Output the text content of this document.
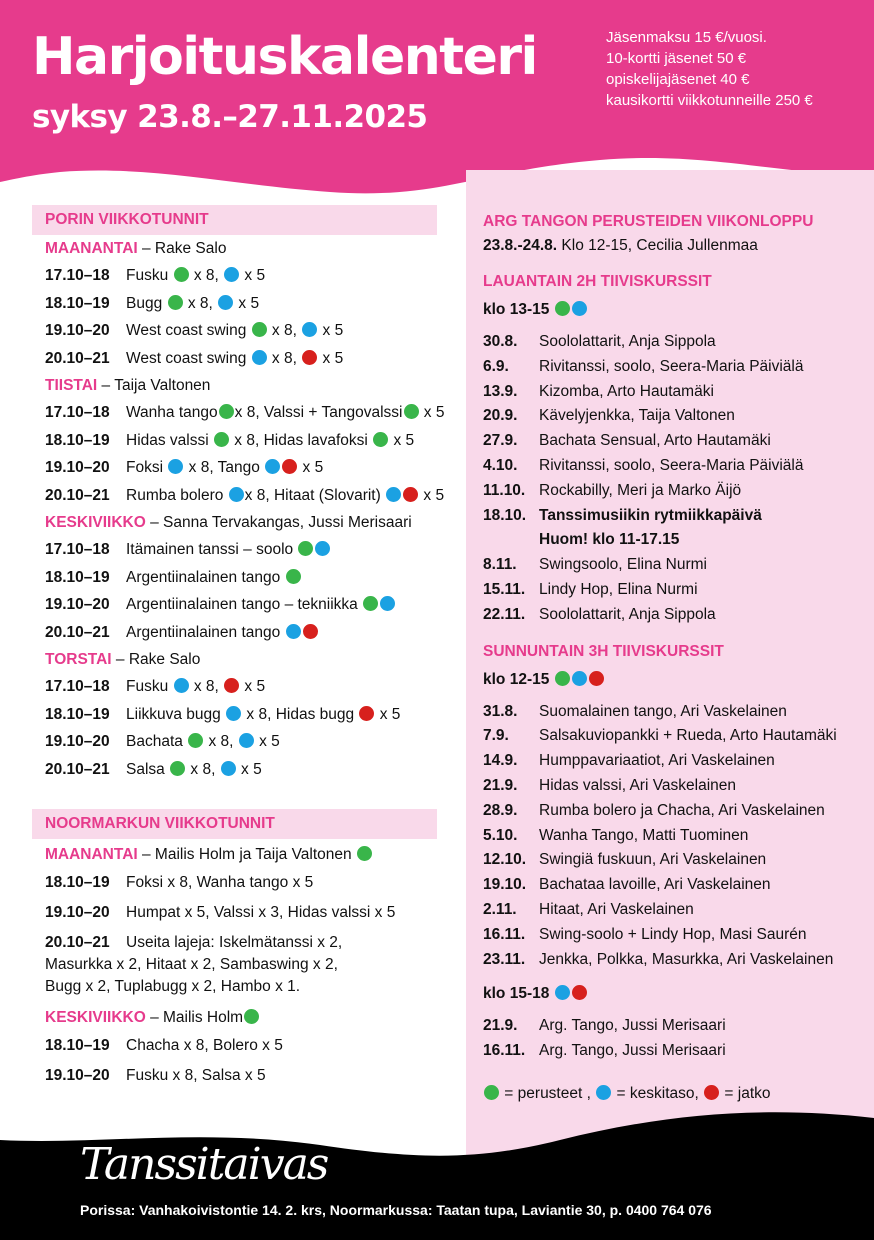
Harjoituskalenteri
syksy 23.8.–27.11.2025
Jäsenmaksu 15 €/vuosi.
10-kortti jäsenet 50 €
opiskelijajäsenet 40 €
kausikortti viikkotunneille 250 €
PORIN VIIKKOTUNNIT
MAANANTAI – Rake Salo
17.10–18	Fusku  x 8,  x 5
18.10–19	Bugg  x 8,  x 5
19.10–20	West coast swing  x 8,  x 5
20.10–21	West coast swing  x 8,  x 5
TIISTAI – Taija Valtonen
17.10–18	Wanha tango x 8, Valssi + Tangovalssi x 5
18.10–19	Hidas valssi  x 8, Hidas lavafoksi  x 5
19.10–20	Foksi  x 8, Tango  x 5
20.10–21	Rumba bolero x 8, Hitaat (Slovarit)  x 5
KESKIVIIKKO – Sanna Tervakangas, Jussi Merisaari
17.10–18	Itämainen tanssi – soolo
18.10–19	Argentiinalainen tango
19.10–20	Argentiinalainen tango – tekniikka
20.10–21	Argentiinalainen tango
TORSTAI – Rake Salo
17.10–18	Fusku  x 8,  x 5
18.10–19	Liikkuva bugg  x 8, Hidas bugg  x 5
19.10–20	Bachata  x 8,  x 5
20.10–21	Salsa  x 8,  x 5
NOORMARKUN VIIKKOTUNNIT
MAANANTAI – Mailis Holm ja Taija Valtonen
18.10–19 Foksi x 8, Wanha tango x 5
19.10–20 Humpat x 5, Valssi x 3, Hidas valssi x 5
20.10–21 Useita lajeja: Iskelmätanssi x 2,
Masurkka x 2, Hitaat x 2, Sambaswing x 2,
Bugg x 2, Tuplabugg x 2, Hambo x 1.
KESKIVIIKKO – Mailis Holm
18.10–19 Chacha x 8, Bolero x 5
19.10–20 Fusku x 8, Salsa x 5
ARG TANGON PERUSTEIDEN VIIKONLOPPU
23.8.-24.8. Klo 12-15, Cecilia Jullenmaa
LAUANTAIN 2H TIIVISKURSSIT
klo 13-15
30.8.	Soololattarit, Anja Sippola
6.9.	Rivitanssi, soolo, Seera-Maria Päiviälä
13.9.	Kizomba, Arto Hautamäki
20.9.	Kävelyjenkka, Taija Valtonen
27.9.	Bachata Sensual, Arto Hautamäki
4.10.	Rivitanssi, soolo, Seera-Maria Päiviälä
11.10. Rockabilly, Meri ja Marko Äijö
18.10. Tanssimusiikin rytmiikkapäivä
Huom! klo 11-17.15
8.11.	Swingsoolo, Elina Nurmi
15.11. Lindy Hop, Elina Nurmi
22.11. Soololattarit, Anja Sippola
SUNNUNTAIN 3H TIIVISKURSSIT
klo 12-15
31.8.	Suomalainen tango, Ari Vaskelainen
7.9.	Salsakuviopankki + Rueda, Arto Hautamäki
14.9.	Humppavariaatiot, Ari Vaskelainen
21.9.	Hidas valssi, Ari Vaskelainen
28.9.	Rumba bolero ja Chacha, Ari Vaskelainen
5.10.	Wanha Tango, Matti Tuominen
12.10. Swingiä fuskuun, Ari Vaskelainen
19.10. Bachataa lavoille, Ari Vaskelainen
2.11.	Hitaat, Ari Vaskelainen
16.11. Swing-soolo + Lindy Hop, Masi Saurén
23.11. Jenkka, Polkka, Masurkka, Ari Vaskelainen
klo 15-18
21.9.	Arg. Tango, Jussi Merisaari
16.11. Arg. Tango, Jussi Merisaari
= perusteet ,  = keskitaso,  = jatko
Tanssitaivas
Porissa: Vanhakoivistontie 14. 2. krs, Noormarkussa: Taatan tupa, Laviantie 30, p. 0400 764 076
